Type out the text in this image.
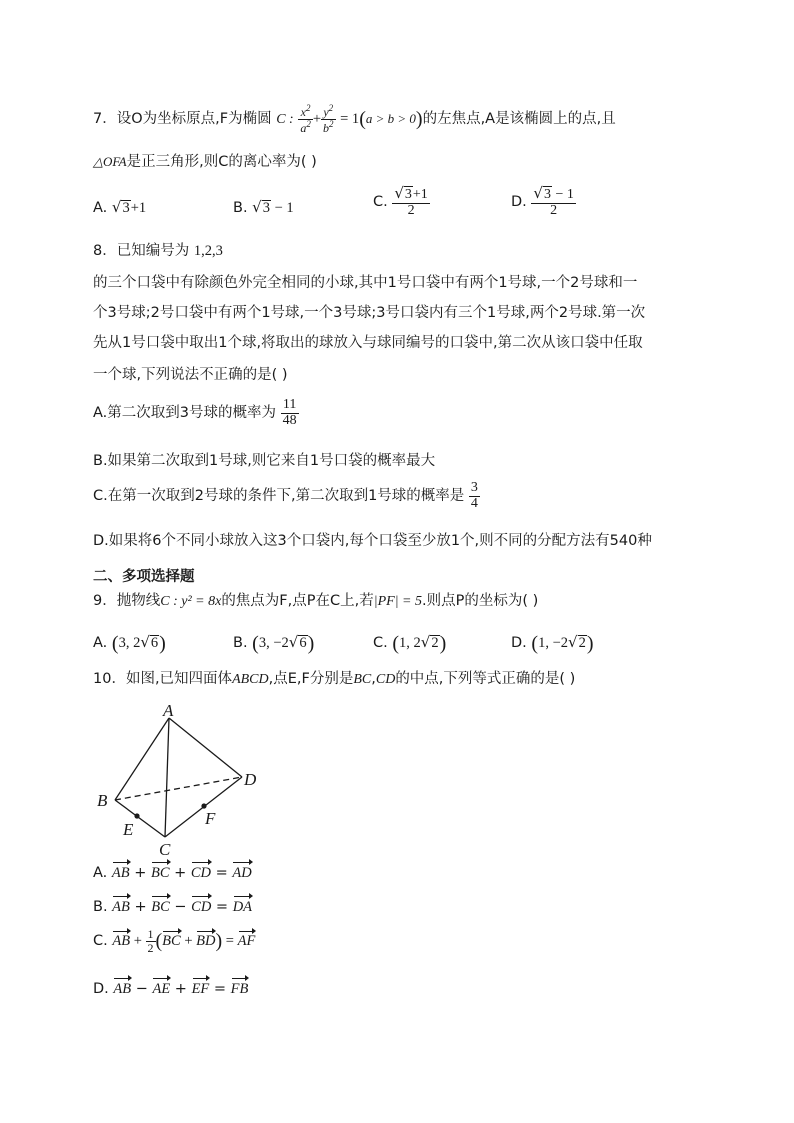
7．设O为坐标原点,F为椭圆 C : $\frac{x^2}{a^2} + \frac{y^2}{b^2} = 1(a > b > 0)$的左焦点,A是该椭圆上的点,且
△OFA是正三角形,则C的离心率为( )
A. √3+1	B. √3 − 1	C. $\frac{√3+1}{2}$	D. $\frac{√3 - 1}{2}$
8．已知编号为 1,2,3
的三个口袋中有除颜色外完全相同的小球,其中1号口袋中有两个1号球,一个2号球和一
个3号球;2号口袋中有两个1号球,一个3号球;3号口袋内有三个1号球,两个2号球.第一次
先从1号口袋中取出1个球,将取出的球放入与球同编号的口袋中,第二次从该口袋中任取
一个球,下列说法不正确的是( )
A.第二次取到3号球的概率为 $\frac{11}{48}$
B.如果第二次取到1号球,则它来自1号口袋的概率最大
C.在第一次取到2号球的条件下,第二次取到1号球的概率是 $\frac{3}{4}$
D.如果将6个不同小球放入这3个口袋内,每个口袋至少放1个,则不同的分配方法有540种
二、多项选择题
9．抛物线C : y² = 8x的焦点为F,点P在C上,若|PF| = 5.则点P的坐标为( )
A. (3, 2√6)	B. (3, −2√6)	C. (1, 2√2)	D. (1, −2√2)
10．如图,已知四面体ABCD,点E,F分别是BC,CD的中点,下列等式正确的是( )
A
B
C
D
E
F
A. AB + BC + CD = AD
B. AB + BC − CD = DA
C. AB + $\frac{1}{2} (BC + BD)$ = AF
D. AB − AE + EF = FB
